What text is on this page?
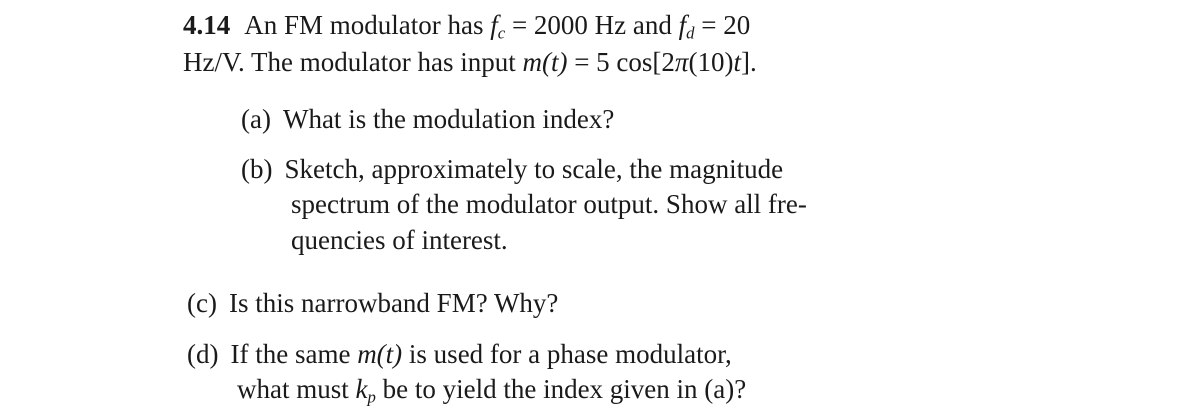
4.14 An FM modulator has $f_c = 2000$ Hz and $f_d = 20$
Hz/V. The modulator has input m(t) = 5 cos[2π(10)t].
(a) What is the modulation index?
(b) Sketch, approximately to scale, the magnitude
spectrum of the modulator output. Show all fre-
quencies of interest.
(c) Is this narrowband FM? Why?
(d) If the same m(t) is used for a phase modulator,
what must $k_p$ be to yield the index given in (a)?
